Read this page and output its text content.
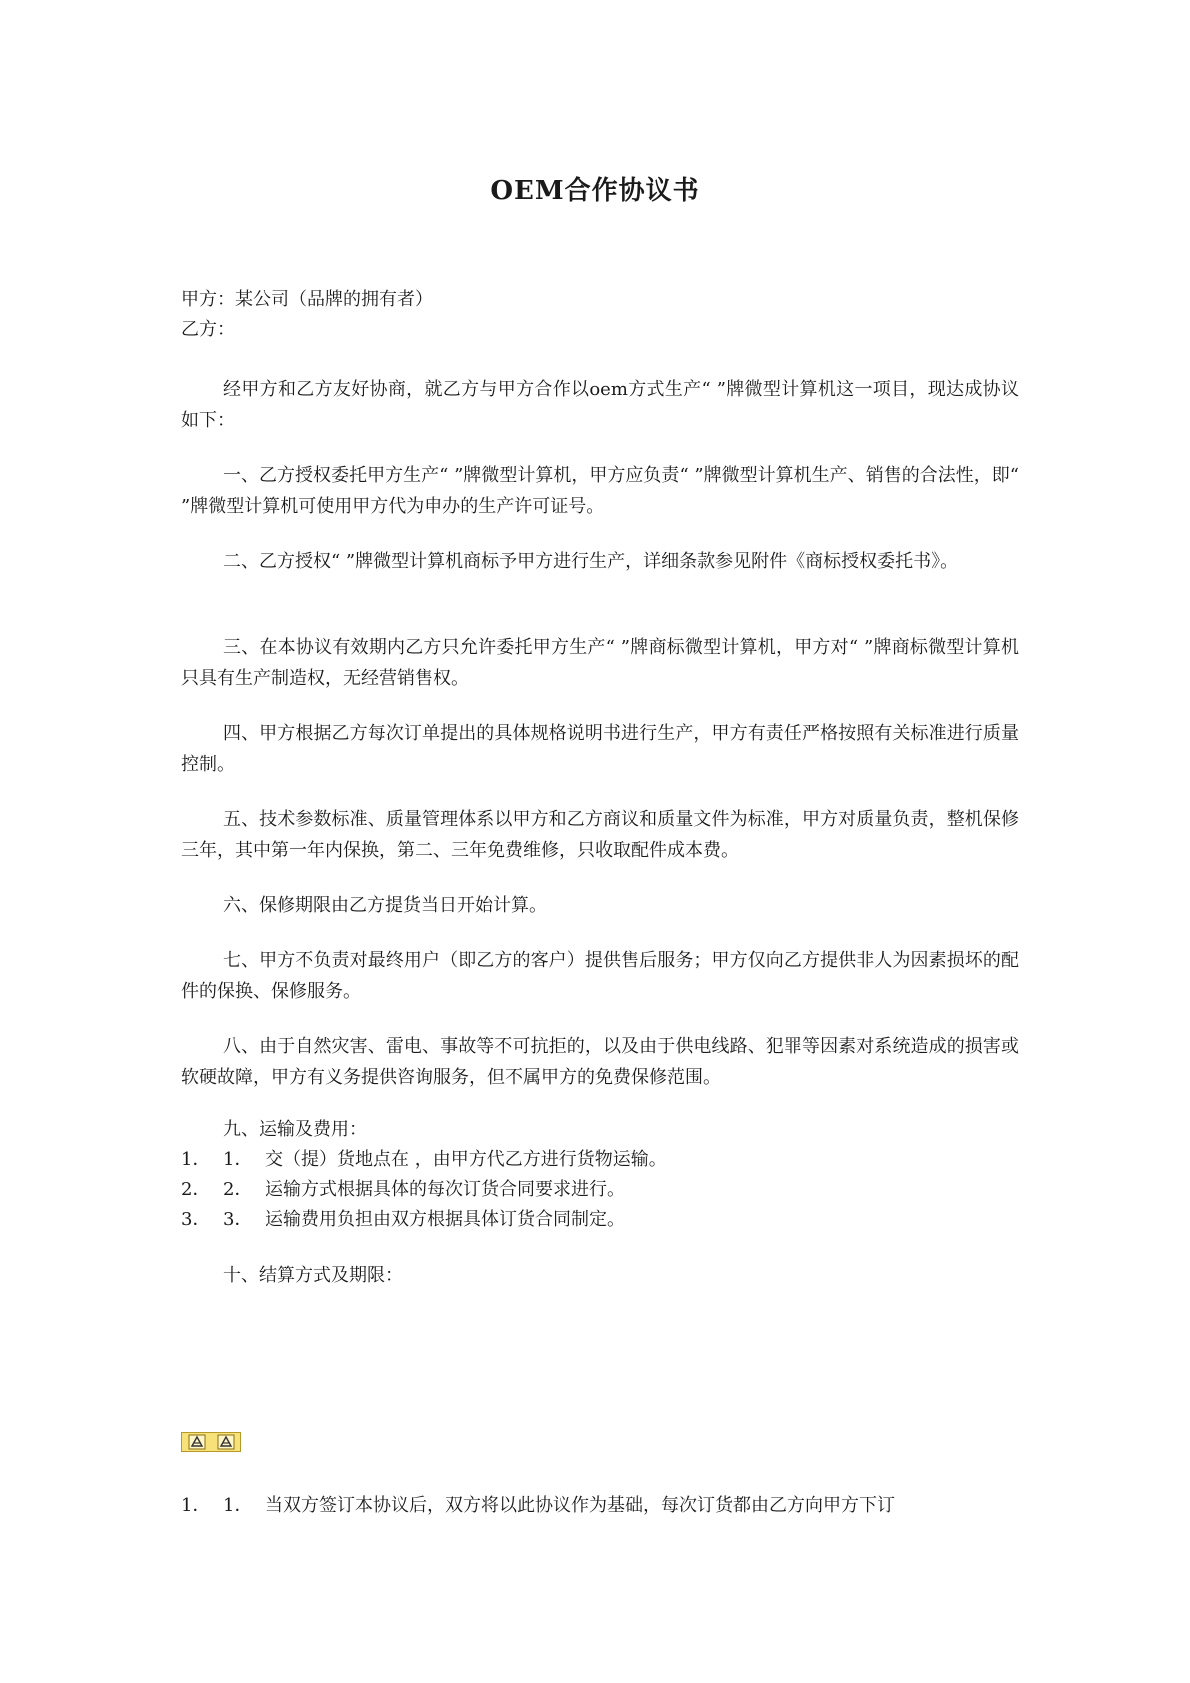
OEM合作协议书
甲方：某公司（品牌的拥有者）
乙方：

经甲方和乙方友好协商，就乙方与甲方合作以oem方式生产“ ”牌微型计算机这一项目，现达成协议如下：

一、乙方授权委托甲方生产“ ”牌微型计算机，甲方应负责“ ”牌微型计算机生产、销售的合法性，即“ ”牌微型计算机可使用甲方代为申办的生产许可证号。

二、乙方授权“ ”牌微型计算机商标予甲方进行生产，详细条款参见附件《商标授权委托书》。

三、在本协议有效期内乙方只允许委托甲方生产“ ”牌商标微型计算机，甲方对“ ”牌商标微型计算机只具有生产制造权，无经营销售权。

四、甲方根据乙方每次订单提出的具体规格说明书进行生产，甲方有责任严格按照有关标准进行质量控制。

五、技术参数标准、质量管理体系以甲方和乙方商议和质量文件为标准，甲方对质量负责，整机保修三年，其中第一年内保换，第二、三年免费维修，只收取配件成本费。

六、保修期限由乙方提货当日开始计算。

七、甲方不负责对最终用户（即乙方的客户）提供售后服务；甲方仅向乙方提供非人为因素损坏的配件的保换、保修服务。

八、由于自然灾害、雷电、事故等不可抗拒的，以及由于供电线路、犯罪等因素对系统造成的损害或软硬故障，甲方有义务提供咨询服务，但不属甲方的免费保修范围。

九、运输及费用：
1． 1． 交（提）货地点在 ，由甲方代乙方进行货物运输。
2． 2． 运输方式根据具体的每次订货合同要求进行。
3． 3． 运输费用负担由双方根据具体订货合同制定。
十、结算方式及期限：
1． 1． 当双方签订本协议后，双方将以此协议作为基础，每次订货都由乙方向甲方下订
